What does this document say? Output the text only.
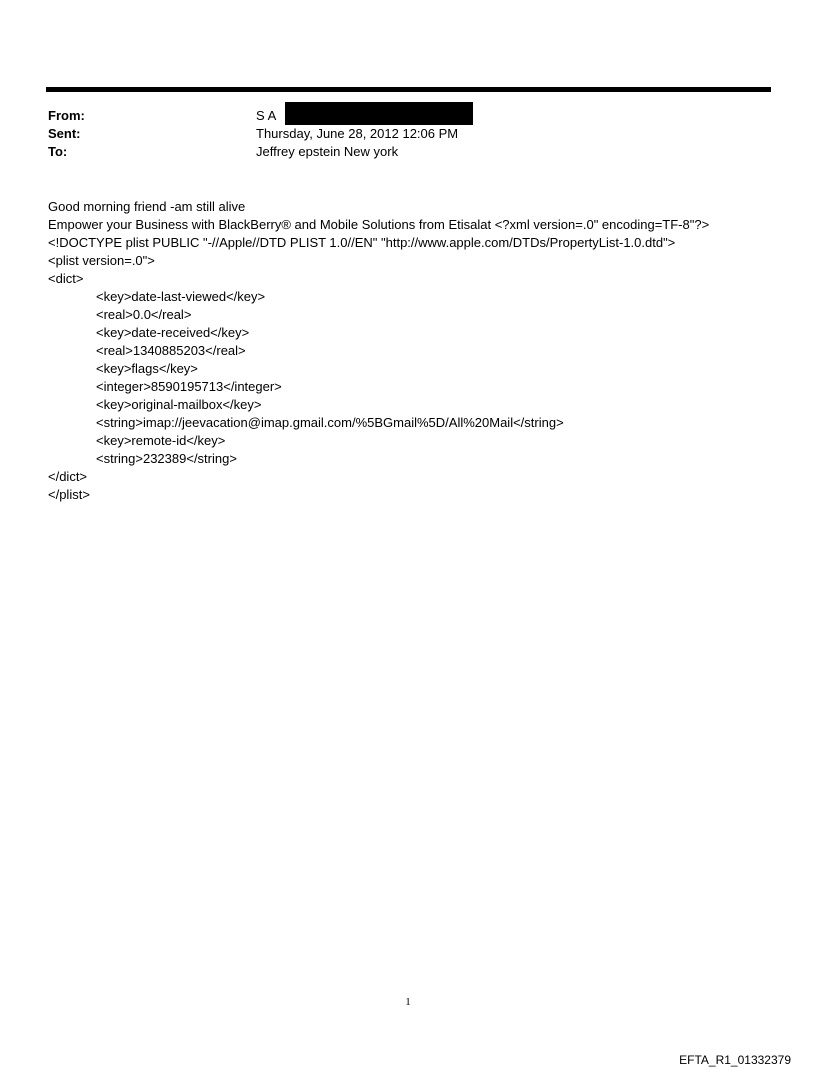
From:	S A
Sent:	Thursday, June 28, 2012 12:06 PM
To:	Jeffrey epstein New york
Good morning friend -am still alive
Empower your Business with BlackBerry® and Mobile Solutions from Etisalat <?xml version=.0" encoding=TF-8"?>
<!DOCTYPE plist PUBLIC "-//Apple//DTD PLIST 1.0//EN" "http://www.apple.com/DTDs/PropertyList-1.0.dtd">
<plist version=.0">
<dict>
<key>date-last-viewed</key>
<real>0.0</real>
<key>date-received</key>
<real>1340885203</real>
<key>flags</key>
<integer>8590195713</integer>
<key>original-mailbox</key>
<string>imap://jeevacation@imap.gmail.com/%5BGmail%5D/All%20Mail</string>
<key>remote-id</key>
<string>232389</string>
</dict>
</plist>
1
EFTA_R1_01332379
